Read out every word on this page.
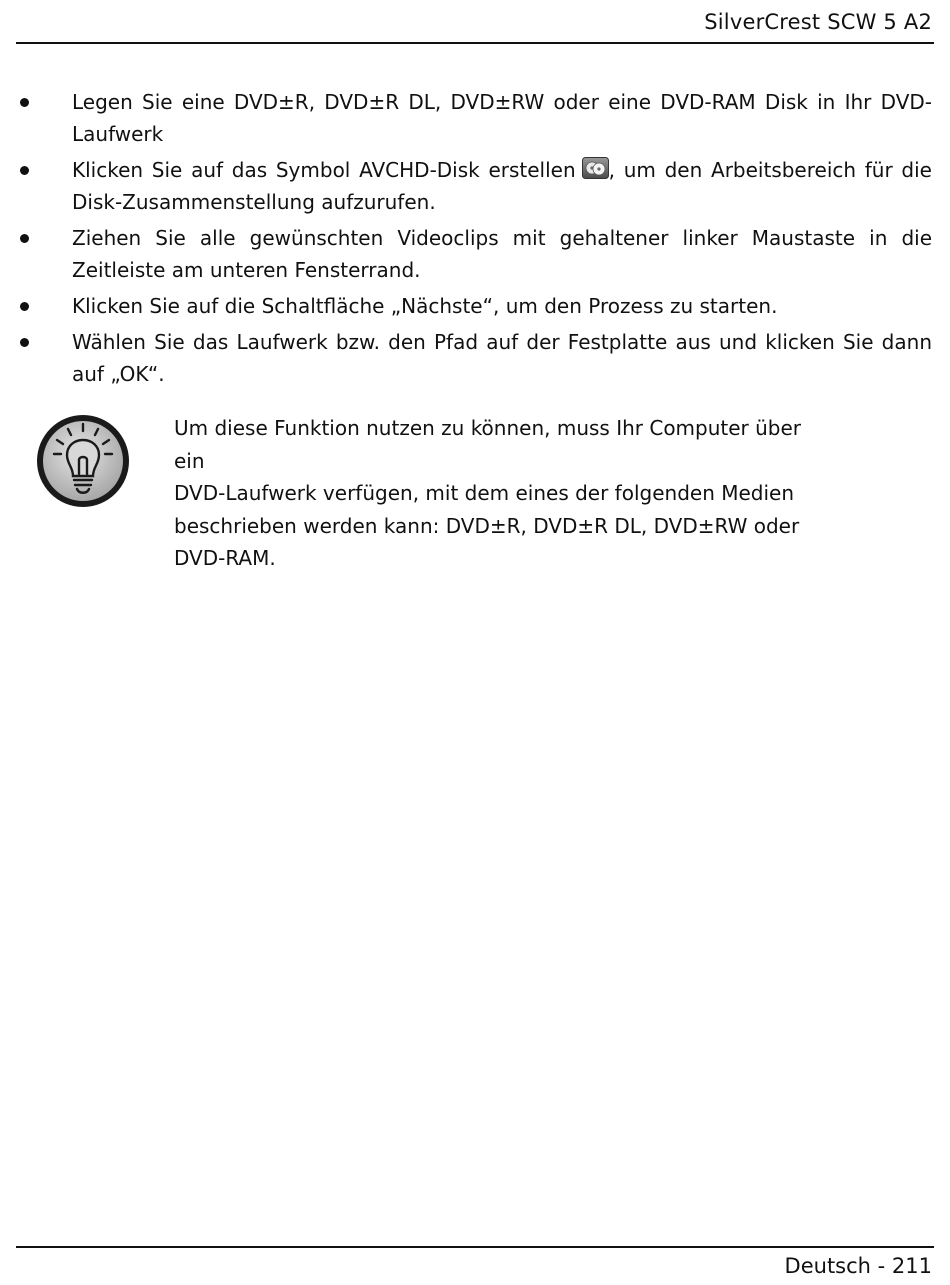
SilverCrest SCW 5 A2
Legen Sie eine DVD±R, DVD±R DL, DVD±RW oder eine DVD-RAM Disk in Ihr DVD-Laufwerk
Klicken Sie auf das Symbol AVCHD-Disk erstellen , um den Arbeitsbereich für die Disk-Zusammenstellung aufzurufen.
Ziehen Sie alle gewünschten Videoclips mit gehaltener linker Maustaste in die Zeitleiste am unteren Fensterrand.
Klicken Sie auf die Schaltfläche „Nächste“, um den Prozess zu starten.
Wählen Sie das Laufwerk bzw. den Pfad auf der Festplatte aus und klicken Sie dann auf „OK“.
Um diese Funktion nutzen zu können, muss Ihr Computer über ein
DVD-Laufwerk verfügen, mit dem eines der folgenden Medien
beschrieben werden kann: DVD±R, DVD±R DL, DVD±RW oder
DVD-RAM.
Deutsch - 211
